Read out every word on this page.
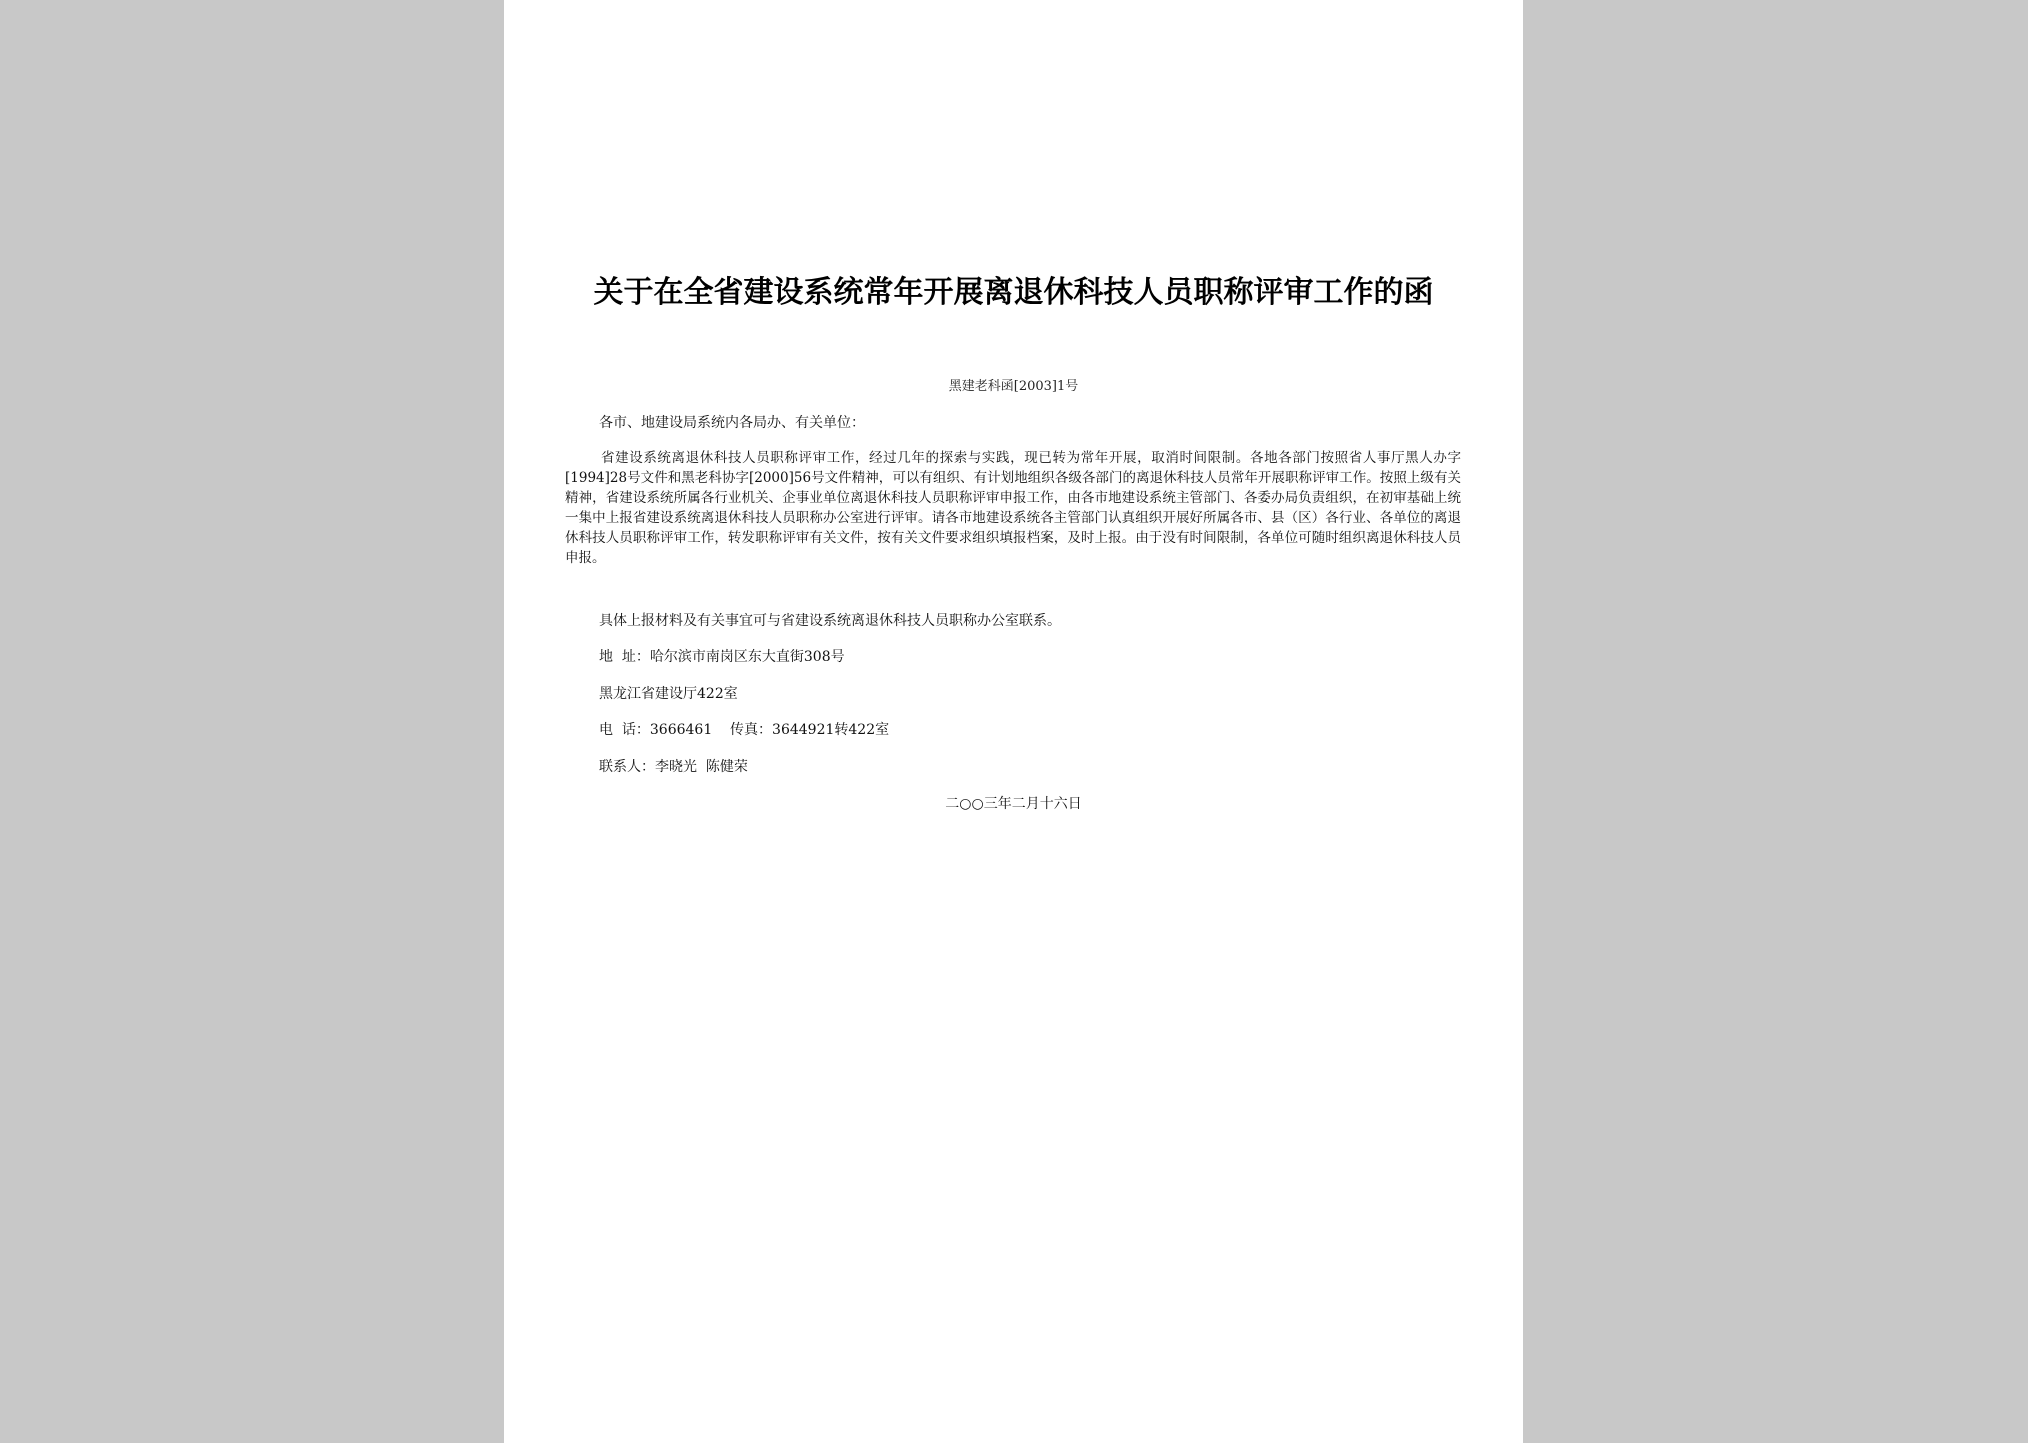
关于在全省建设系统常年开展离退休科技人员职称评审工作的函
黑建老科函[2003]1号
各市、地建设局系统内各局办、有关单位：

省建设系统离退休科技人员职称评审工作，经过几年的探索与实践，现已转为常年开展，取消时间限制。各地各部门按照省人事厅黑人办字[1994]28号文件和黑老科协字[2000]56号文件精神，可以有组织、有计划地组织各级各部门的离退休科技人员常年开展职称评审工作。按照上级有关精神，省建设系统所属各行业机关、企事业单位离退休科技人员职称评审申报工作，由各市地建设系统主管部门、各委办局负责组织，在初审基础上统一集中上报省建设系统离退休科技人员职称办公室进行评审。请各市地建设系统各主管部门认真组织开展好所属各市、县（区）各行业、各单位的离退休科技人员职称评审工作，转发职称评审有关文件，按有关文件要求组织填报档案，及时上报。由于没有时间限制，各单位可随时组织离退休科技人员申报。

具体上报材料及有关事宜可与省建设系统离退休科技人员职称办公室联系。
地  址：哈尔滨市南岗区东大直街308号
黑龙江省建设厅422室
电  话：3666461    传真：3644921转422室
联系人：李晓光  陈健荣
二○○三年二月十六日
